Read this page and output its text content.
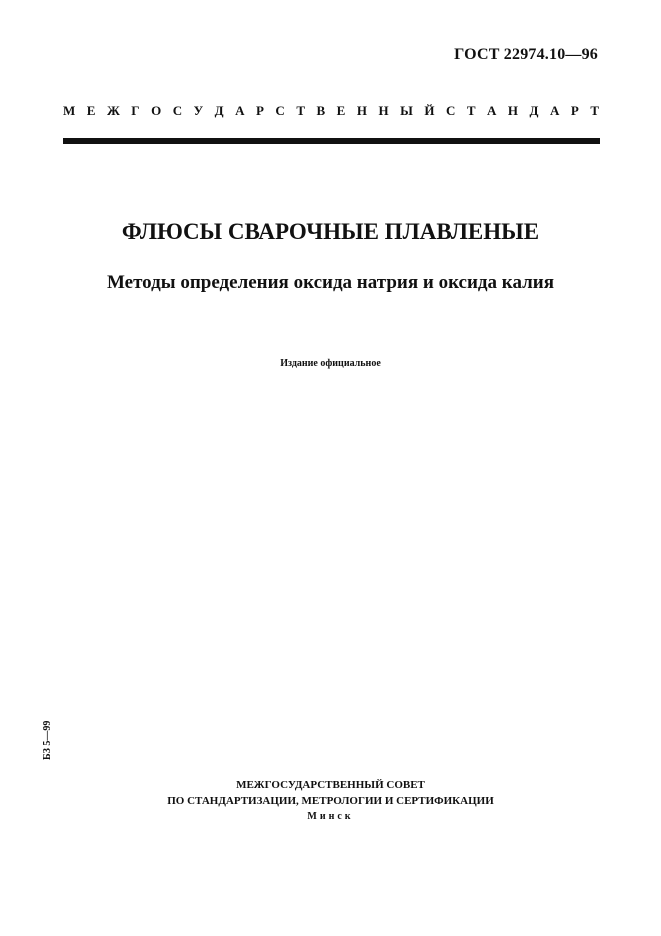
ГОСТ 22974.10—96
М Е Ж Г О С У Д А Р С Т В Е Н Н Ы Й С Т А Н Д А Р Т
ФЛЮСЫ СВАРОЧНЫЕ ПЛАВЛЕНЫЕ
Методы определения оксида натрия и оксида калия
Издание официальное
БЗ 5—99
МЕЖГОСУДАРСТВЕННЫЙ СОВЕТ
ПО СТАНДАРТИЗАЦИИ, МЕТРОЛОГИИ И СЕРТИФИКАЦИИ
Минск
